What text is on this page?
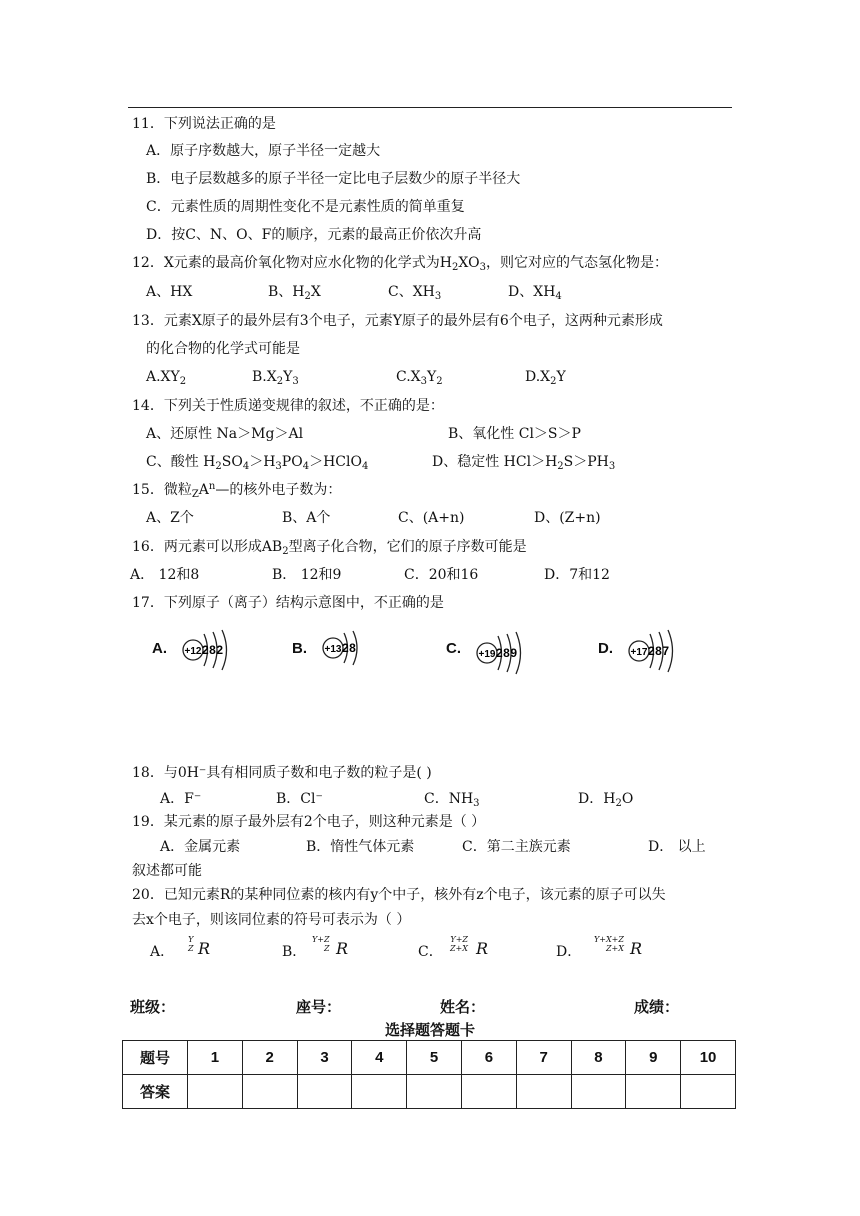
11．下列说法正确的是
A．原子序数越大，原子半径一定越大
B．电子层数越多的原子半径一定比电子层数少的原子半径大
C．元素性质的周期性变化不是元素性质的简单重复
D．按C、N、O、F的顺序，元素的最高正价依次升高
12．X元素的最高价氧化物对应水化物的化学式为$H_2XO_3$，则它对应的气态氢化物是：
A、HX	B、$H_2X$	C、$XH_3$	D、$XH_4$
13．元素X原子的最外层有3个电子，元素Y原子的最外层有6个电子，这两种元素形成
的化合物的化学式可能是
$A.XY_2$	$B.X_2Y_3$	$C.X_3Y_2$	$D.X_2Y$
14．下列关于性质递变规律的叙述，不正确的是：
A、还原性 Na＞Mg＞Al	B、氧化性 Cl＞S＞P
C、酸性 $H_2SO_4>H_3PO_4>HClO_4$	D、稳定性 $HCl>H_2S>PH_3$
15．微粒$_ZA^n—$的核外电子数为：
A、Z个	B、A个	C、(A+n)	D、(Z+n)
16．两元素可以形成$AB_2$型离子化合物，它们的原子序数可能是
A． 12和8	B． 12和9	C．20和16	D．7和12
17．下列原子（离子）结构示意图中，不正确的是
A. +12 282	B. +13 28	C. +19 289	D. +17 287
18．与0H⁻具有相同质子数和电子数的粒子是( )
A．F⁻	B．Cl⁻	C．$NH_3$	D．$H_2O$
19．某元素的原子最外层有2个电子，则这种元素是（ ）
A．金属元素	B．惰性气体元素	C．第二主族元素	D． 以上
叙述都可能
20．已知元素R的某种同位素的核内有y个中子，核外有z个电子，该元素的原子可以失
去x个电子，则该同位素的符号可表示为（ ）
A．
Y
Z R	B．
Y+Z
Z R	C．
Y+Z
Z+X R	D．
Y+X+Z
Z+X R
班级：	座号：	姓名：	成绩：
选择题答题卡
题号	1	2	3	4	5	6	7	8	9	10
答案										
